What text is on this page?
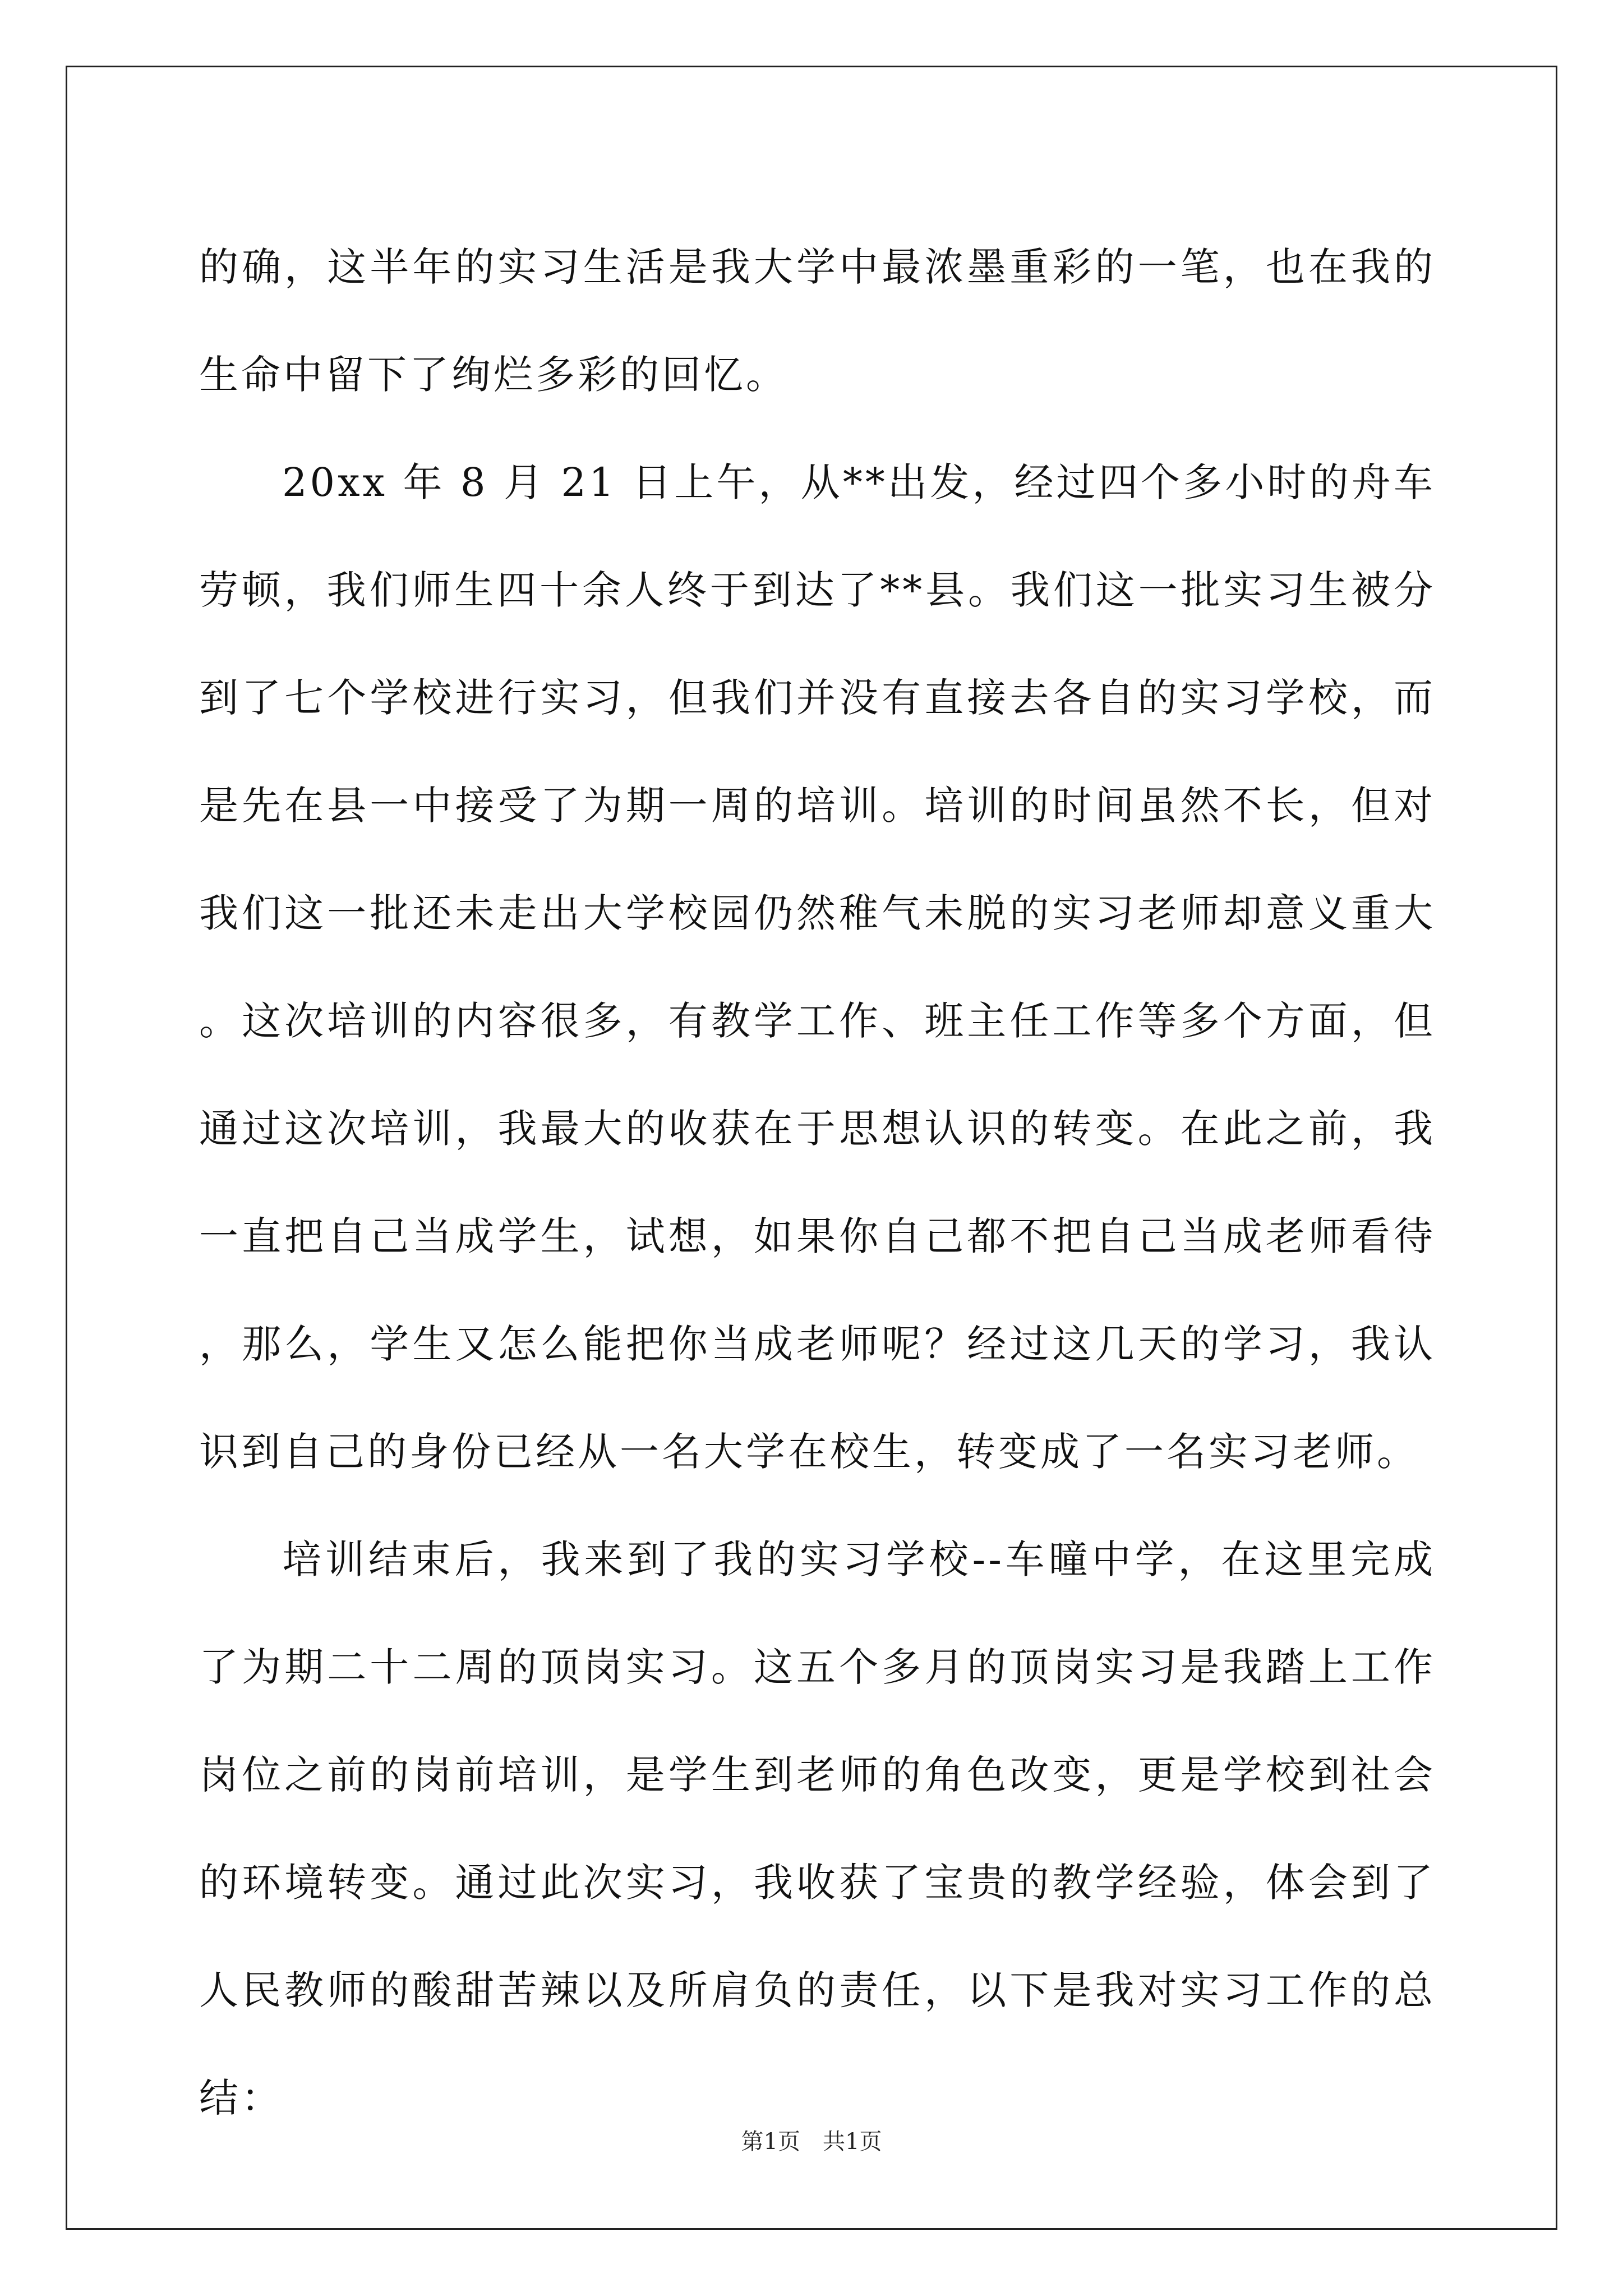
的确，这半年的实习生活是我大学中最浓墨重彩的一笔，也在我的生命中留下了绚烂多彩的回忆。

20xx 年 8 月 21 日上午，从**出发，经过四个多小时的舟车劳顿，我们师生四十余人终于到达了**县。我们这一批实习生被分到了七个学校进行实习，但我们并没有直接去各自的实习学校，而是先在县一中接受了为期一周的培训。培训的时间虽然不长，但对我们这一批还未走出大学校园仍然稚气未脱的实习老师却意义重大。这次培训的内容很多，有教学工作、班主任工作等多个方面，但通过这次培训，我最大的收获在于思想认识的转变。在此之前，我一直把自己当成学生，试想，如果你自己都不把自己当成老师看待，那么，学生又怎么能把你当成老师呢？经过这几天的学习，我认识到自己的身份已经从一名大学在校生，转变成了一名实习老师。

培训结束后，我来到了我的实习学校--车曈中学，在这里完成了为期二十二周的顶岗实习。这五个多月的顶岗实习是我踏上工作岗位之前的岗前培训，是学生到老师的角色改变，更是学校到社会的环境转变。通过此次实习，我收获了宝贵的教学经验，体会到了人民教师的酸甜苦辣以及所肩负的责任，以下是我对实习工作的总结：

第1页 共1页
